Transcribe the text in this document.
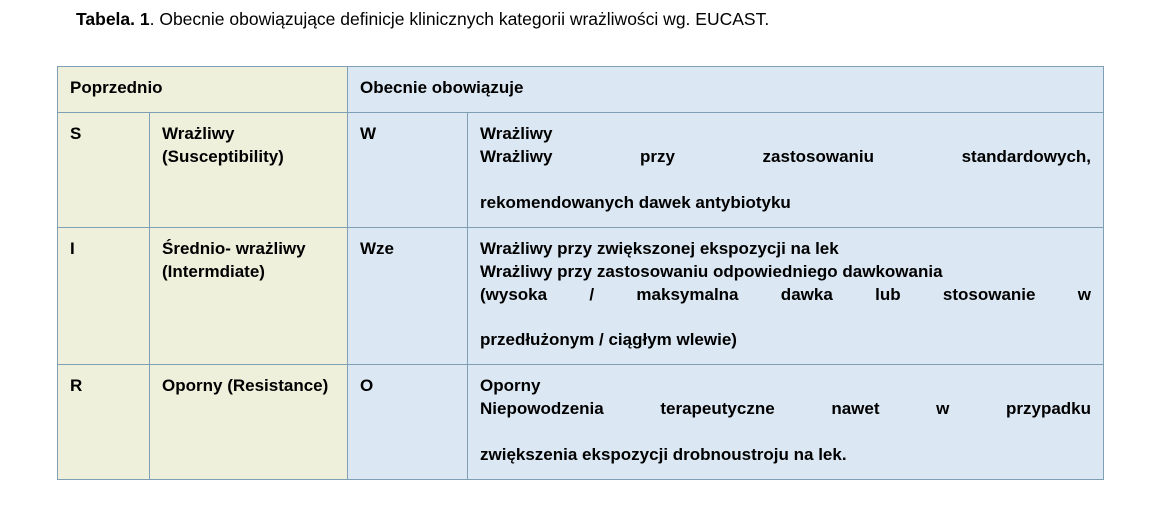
Tabela. 1. Obecnie obowiązujące definicje klinicznych kategorii wrażliwości wg. EUCAST.
Poprzednio		Obecnie obowiązuje	
S	Wrażliwy (Susceptibility)	W	Wrażliwy
Wrażliwy przy zastosowaniu standardowych,
rekomendowanych dawek antybiotyku

I	Średnio- wrażliwy (Intermdiate)	Wze	Wrażliwy przy zwiększonej ekspozycji na lek
Wrażliwy przy zastosowaniu odpowiedniego dawkowania
(wysoka / maksymalna dawka lub stosowanie w
przedłużonym / ciągłym wlewie)

R	Oporny (Resistance)	O	Oporny
Niepowodzenia terapeutyczne nawet w przypadku
zwiększenia ekspozycji drobnoustroju na lek.
